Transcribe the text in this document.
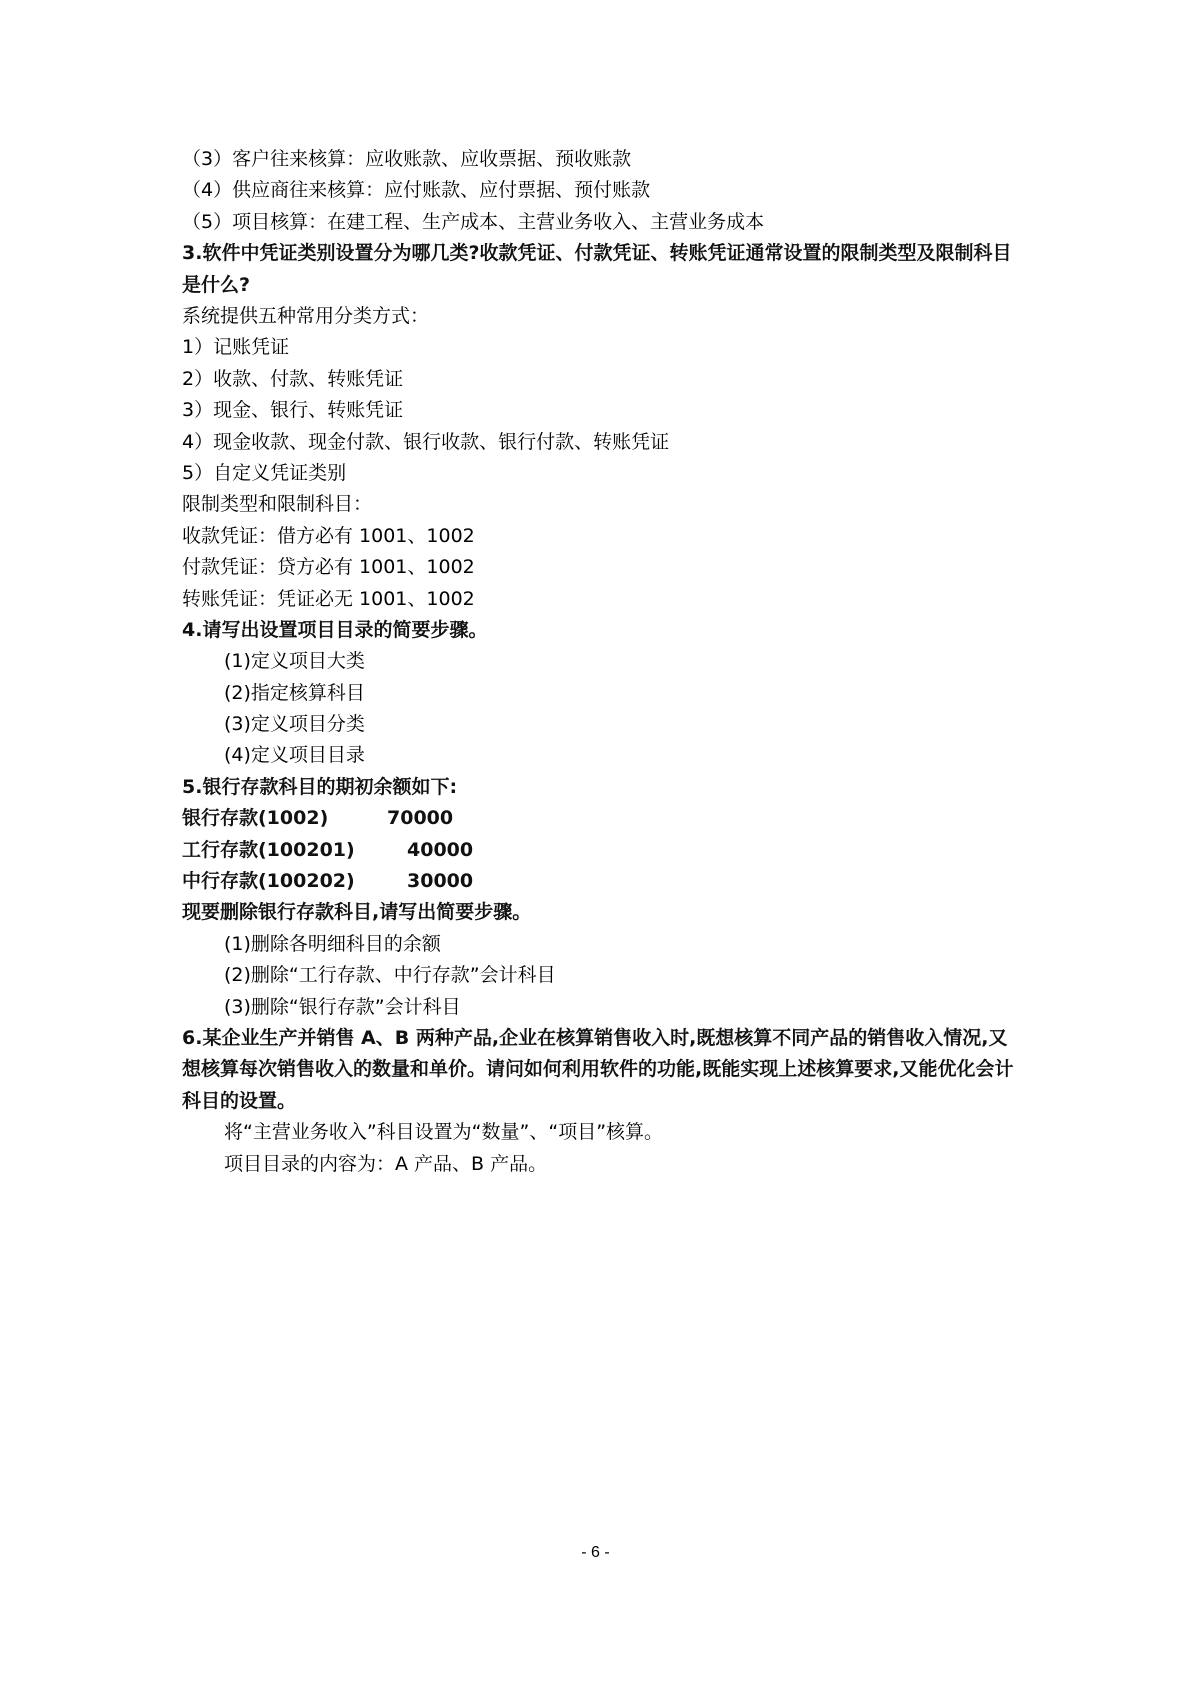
（3）客户往来核算：应收账款、应收票据、预收账款
（4）供应商往来核算：应付账款、应付票据、预付账款
（5）项目核算：在建工程、生产成本、主营业务收入、主营业务成本
3.软件中凭证类别设置分为哪几类?收款凭证、付款凭证、转账凭证通常设置的限制类型及限制科目是什么?
系统提供五种常用分类方式：
1）记账凭证
2）收款、付款、转账凭证
3）现金、银行、转账凭证
4）现金收款、现金付款、银行收款、银行付款、转账凭证
5）自定义凭证类别
限制类型和限制科目：
收款凭证：借方必有 1001、1002
付款凭证：贷方必有 1001、1002
转账凭证：凭证必无 1001、1002
4.请写出设置项目目录的简要步骤。
(1)定义项目大类
(2)指定核算科目
(3)定义项目分类
(4)定义项目目录
5.银行存款科目的期初余额如下:
银行存款(1002)	70000
工行存款(100201)	40000
中行存款(100202)	30000
现要删除银行存款科目,请写出简要步骤。
(1)删除各明细科目的余额
(2)删除“工行存款、中行存款”会计科目
(3)删除“银行存款”会计科目
6.某企业生产并销售 A、B 两种产品,企业在核算销售收入时,既想核算不同产品的销售收入情况,又想核算每次销售收入的数量和单价。请问如何利用软件的功能,既能实现上述核算要求,又能优化会计科目的设置。
将“主营业务收入”科目设置为“数量”、“项目”核算。
项目目录的内容为：A 产品、B 产品。
- 6 -
